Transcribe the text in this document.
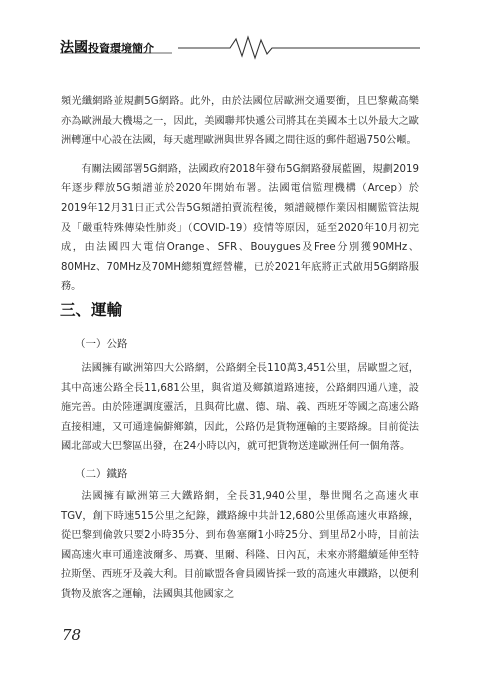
法國投資環境簡介

頻光纖網路並規劃5G網路。此外，由於法國位居歐洲交通要衝，且巴黎戴高樂亦為歐洲最大機場之一，因此，美國聯邦快遞公司將其在美國本土以外最大之歐洲轉運中心設在法國，每天處理歐洲與世界各國之間往返的郵件超過750公噸。

有關法國部署5G網路，法國政府2018年發布5G網路發展藍圖，規劃2019年逐步釋放5G頻譜並於2020年開始布署。法國電信監理機構（Arcep）於2019年12月31日正式公告5G頻譜拍賣流程後，頻譜競標作業因相關監管法規及「嚴重特殊傳染性肺炎」（COVID-19）疫情等原因，延至2020年10月初完成，由法國四大電信Orange、SFR、Bouygues及Free分別獲90MHz、80MHz、70MHz及70MH總頻寬經營權，已於2021年底將正式啟用5G網路服務。

三、運輸
（一）公路
法國擁有歐洲第四大公路網，公路網全長110萬3,451公里，居歐盟之冠，其中高速公路全長11,681公里，與省道及鄉鎮道路連接，公路網四通八達，設施完善。由於陸運調度靈活，且與荷比盧、德、瑞、義、西班牙等國之高速公路直接相連，又可通達偏僻鄉鎮，因此，公路仍是貨物運輸的主要路線。目前從法國北部或大巴黎區出發，在24小時以內，就可把貨物送達歐洲任何一個角落。
（二）鐵路
法國擁有歐洲第三大鐵路網，全長31,940公里，舉世聞名之高速火車TGV，創下時速515公里之紀錄，鐵路線中共計12,680公里係高速火車路線，從巴黎到倫敦只要2小時35分、到布魯塞爾1小時25分、到里昂2小時，目前法國高速火車可通達波爾多、馬賽、里爾、科隆、日內瓦，未來亦將繼續延伸至特拉斯堡、西班牙及義大利。目前歐盟各會員國皆採一致的高速火車鐵路，以便利貨物及旅客之運輸，法國與其他國家之
78
